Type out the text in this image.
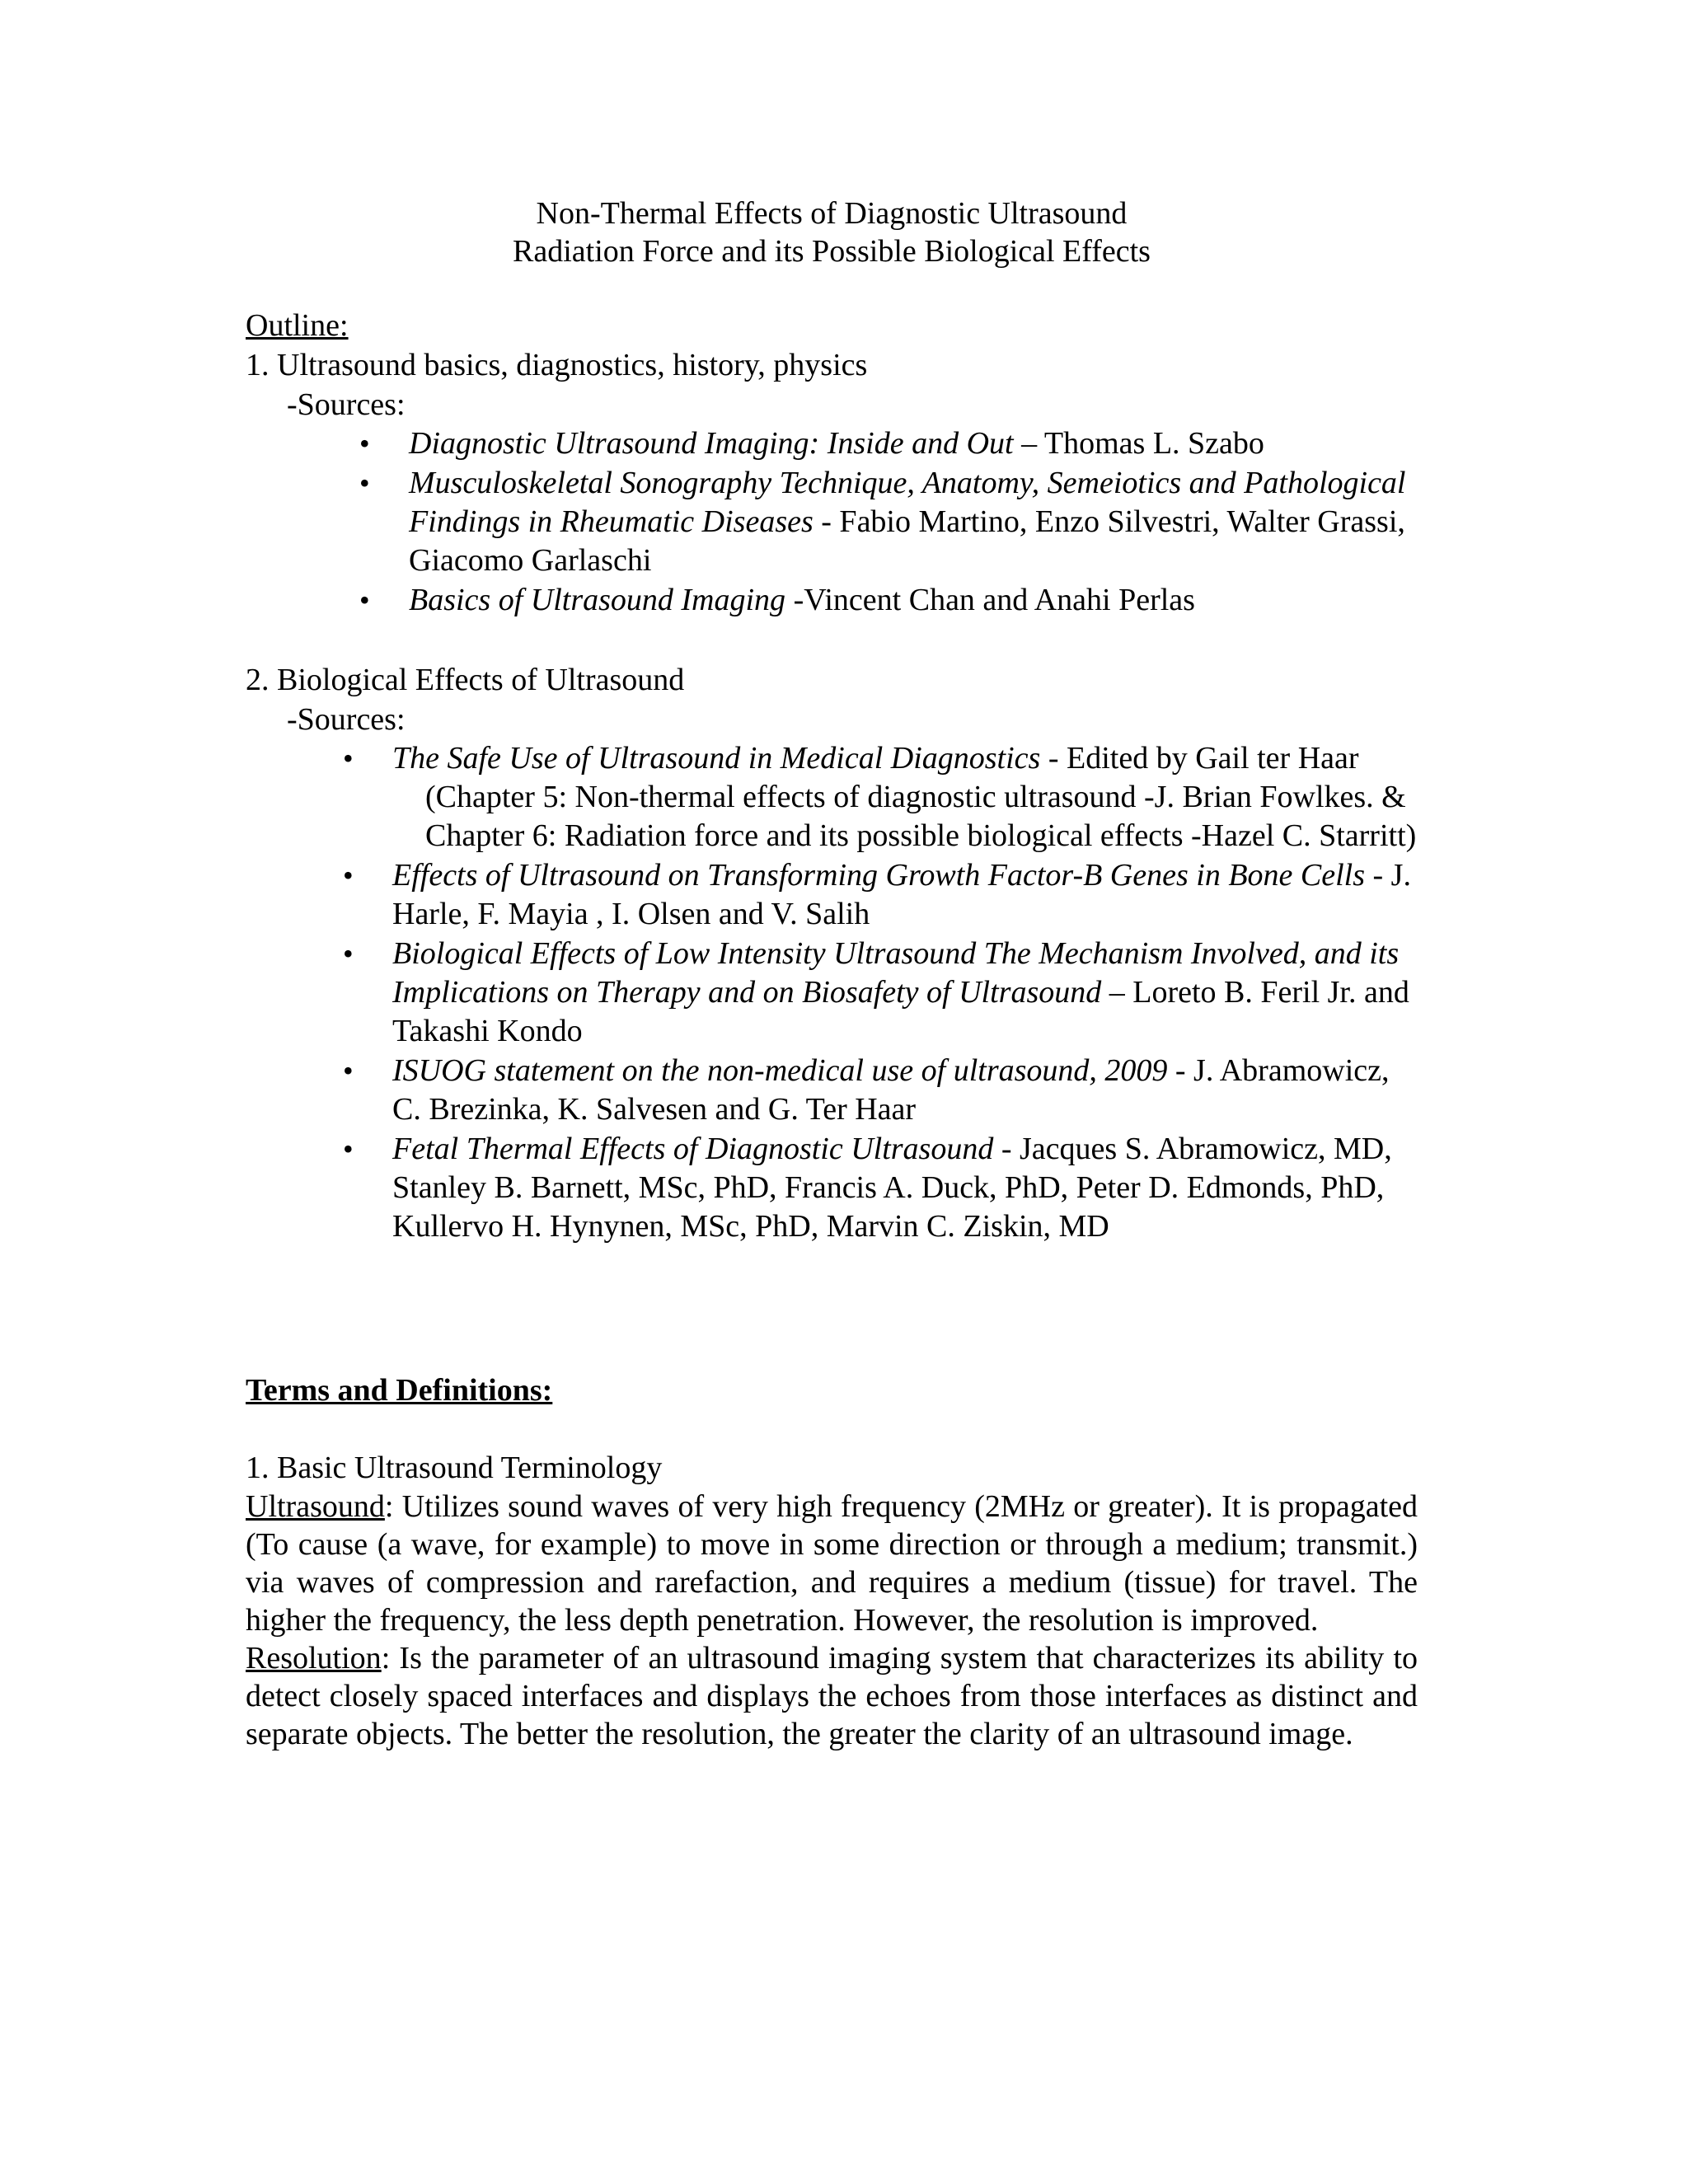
Non-Thermal Effects of Diagnostic Ultrasound
Radiation Force and its Possible Biological Effects
Outline:
1. Ultrasound basics, diagnostics, history, physics
-Sources:
• Diagnostic Ultrasound Imaging: Inside and Out – Thomas L. Szabo
• Musculoskeletal Sonography Technique, Anatomy, Semeiotics and Pathological Findings in Rheumatic Diseases - Fabio Martino, Enzo Silvestri, Walter Grassi, Giacomo Garlaschi
• Basics of Ultrasound Imaging -Vincent Chan and Anahi Perlas
2. Biological Effects of Ultrasound
-Sources:
• The Safe Use of Ultrasound in Medical Diagnostics - Edited by Gail ter Haar
(Chapter 5: Non-thermal effects of diagnostic ultrasound -J. Brian Fowlkes. & Chapter 6: Radiation force and its possible biological effects -Hazel C. Starritt)
• Effects of Ultrasound on Transforming Growth Factor-B Genes in Bone Cells - J. Harle, F. Mayia , I. Olsen and V. Salih
• Biological Effects of Low Intensity Ultrasound The Mechanism Involved, and its Implications on Therapy and on Biosafety of Ultrasound – Loreto B. Feril Jr. and Takashi Kondo
• ISUOG statement on the non-medical use of ultrasound, 2009 - J. Abramowicz, C. Brezinka, K. Salvesen and G. Ter Haar
• Fetal Thermal Effects of Diagnostic Ultrasound - Jacques S. Abramowicz, MD, Stanley B. Barnett, MSc, PhD, Francis A. Duck, PhD, Peter D. Edmonds, PhD, Kullervo H. Hynynen, MSc, PhD, Marvin C. Ziskin, MD
Terms and Definitions:
1. Basic Ultrasound Terminology
Ultrasound: Utilizes sound waves of very high frequency (2MHz or greater). It is propagated (To cause (a wave, for example) to move in some direction or through a medium; transmit.) via waves of compression and rarefaction, and requires a medium (tissue) for travel. The higher the frequency, the less depth penetration. However, the resolution is improved.
Resolution: Is the parameter of an ultrasound imaging system that characterizes its ability to detect closely spaced interfaces and displays the echoes from those interfaces as distinct and separate objects. The better the resolution, the greater the clarity of an ultrasound image.
